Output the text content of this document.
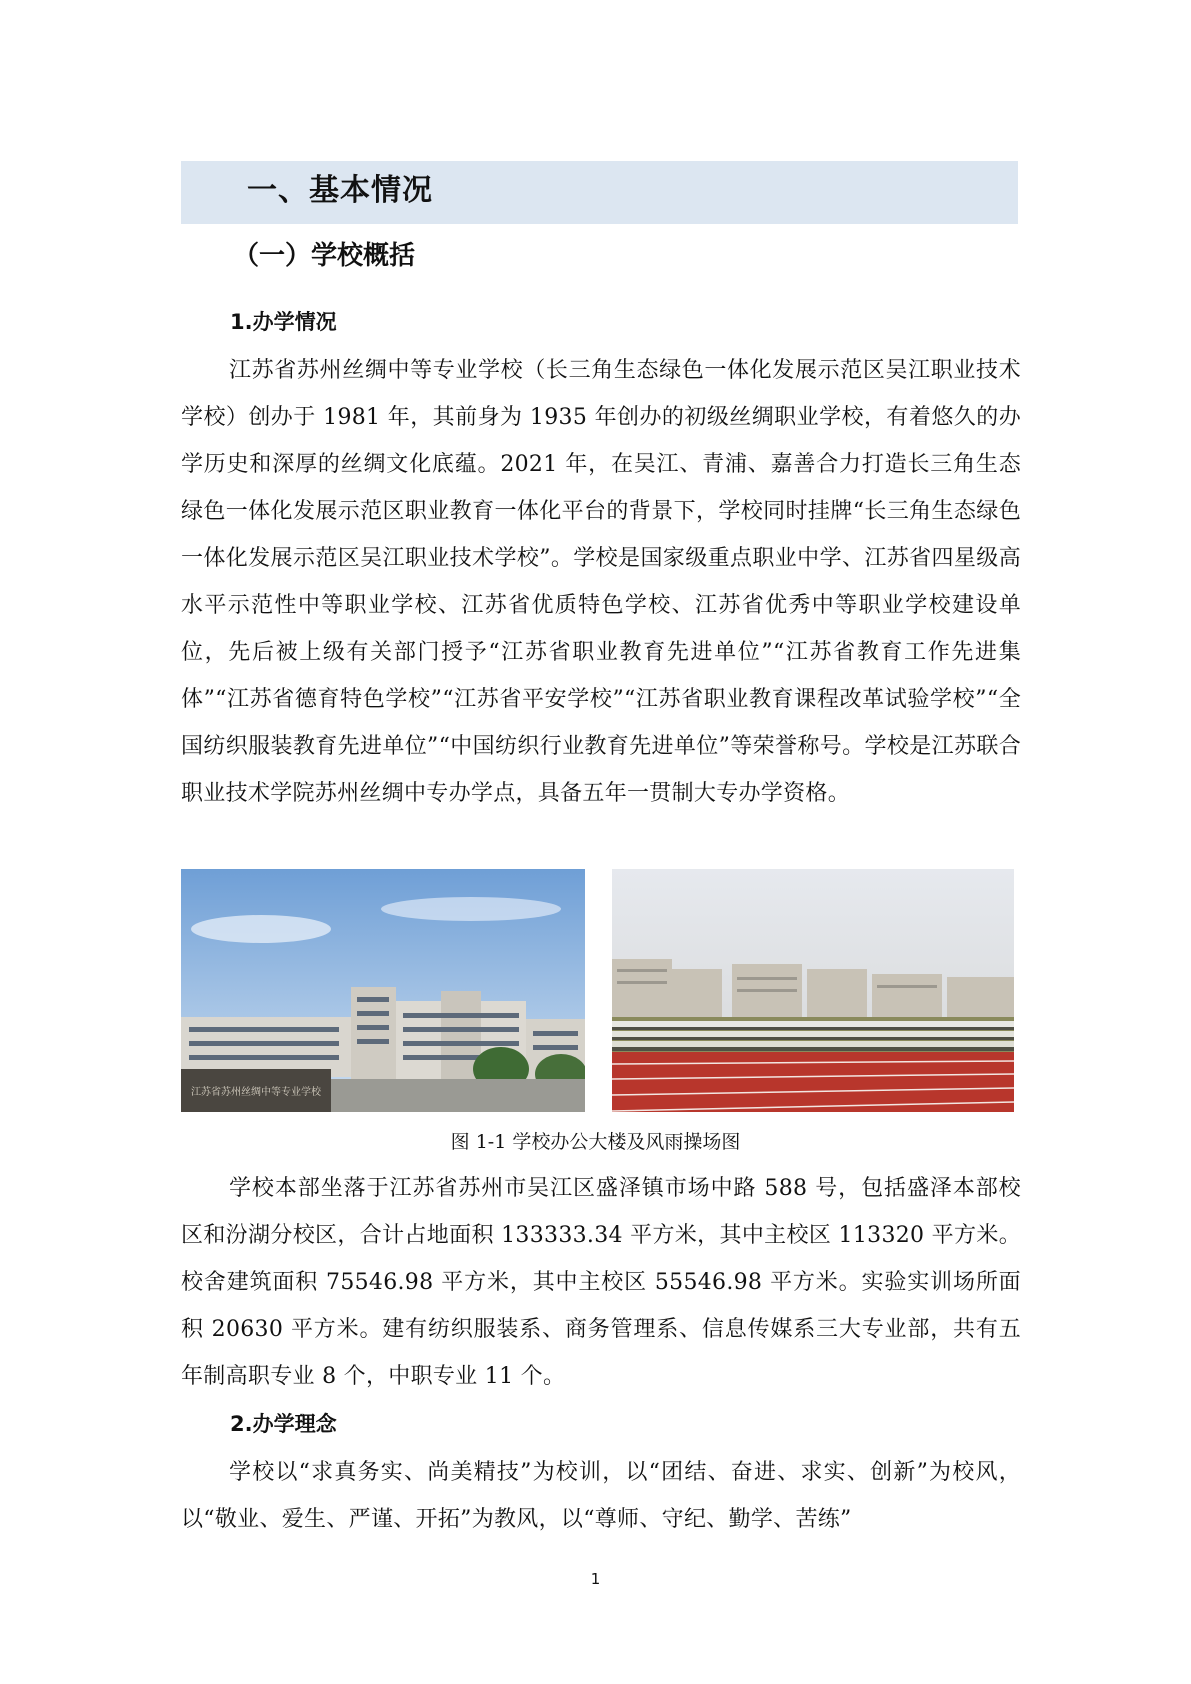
一、基本情况
（一）学校概括
1.办学情况
江苏省苏州丝绸中等专业学校（长三角生态绿色一体化发展示范区吴江职业技术学校）创办于 1981 年，其前身为 1935 年创办的初级丝绸职业学校，有着悠久的办学历史和深厚的丝绸文化底蕴。2021 年，在吴江、青浦、嘉善合力打造长三角生态绿色一体化发展示范区职业教育一体化平台的背景下，学校同时挂牌“长三角生态绿色一体化发展示范区吴江职业技术学校”。学校是国家级重点职业中学、江苏省四星级高水平示范性中等职业学校、江苏省优质特色学校、江苏省优秀中等职业学校建设单位，先后被上级有关部门授予“江苏省职业教育先进单位”“江苏省教育工作先进集体”“江苏省德育特色学校”“江苏省平安学校”“江苏省职业教育课程改革试验学校”“全国纺织服装教育先进单位”“中国纺织行业教育先进单位”等荣誉称号。学校是江苏联合职业技术学院苏州丝绸中专办学点，具备五年一贯制大专办学资格。
江苏省苏州丝绸中等专业学校
图 1-1 学校办公大楼及风雨操场图
学校本部坐落于江苏省苏州市吴江区盛泽镇市场中路 588 号，包括盛泽本部校区和汾湖分校区，合计占地面积 133333.34 平方米，其中主校区 113320 平方米。校舍建筑面积 75546.98 平方米，其中主校区 55546.98 平方米。实验实训场所面积 20630 平方米。建有纺织服装系、商务管理系、信息传媒系三大专业部，共有五年制高职专业 8 个，中职专业 11 个。
2.办学理念
学校以“求真务实、尚美精技”为校训，以“团结、奋进、求实、创新”为校风，以“敬业、爱生、严谨、开拓”为教风，以“尊师、守纪、勤学、苦练”
1
